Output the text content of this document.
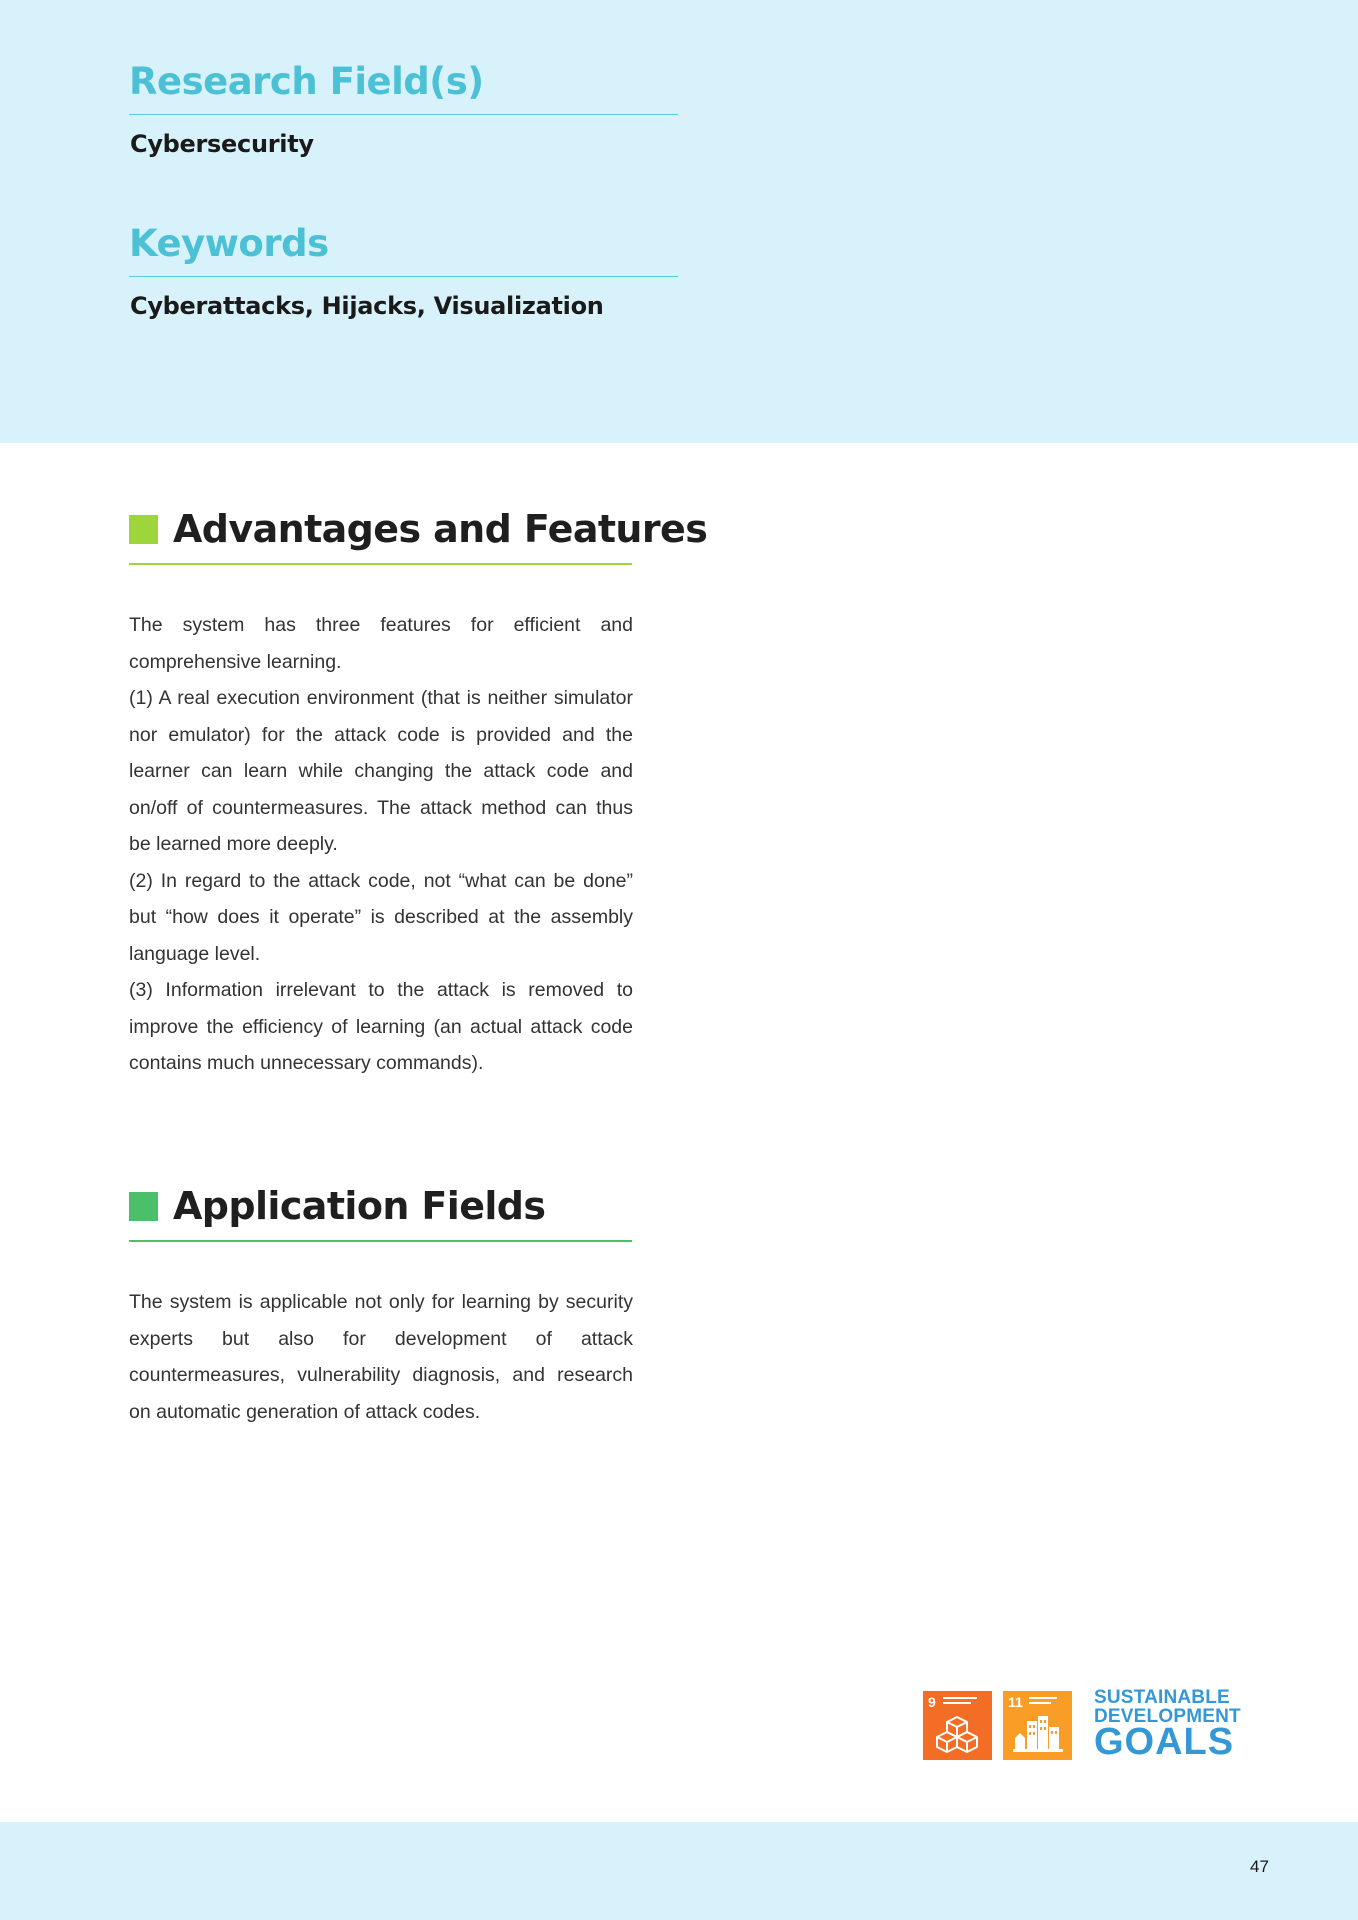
Research Field(s)

Cybersecurity

Keywords

Cyberattacks, Hijacks, Visualization

Advantages and Features

The system has three features for efficient and comprehensive learning.

(1) A real execution environment (that is neither simulator nor emulator) for the attack code is provided and the learner can learn while changing the attack code and on/off of countermeasures. The attack method can thus be learned more deeply.

(2) In regard to the attack code, not “what can be done” but “how does it operate” is described at the assembly language level.

(3) Information irrelevant to the attack is removed to improve the efficiency of learning (an actual attack code contains much unnecessary commands).

Application Fields

The system is applicable not only for learning by security experts but also for development of attack countermeasures, vulnerability diagnosis, and research on automatic generation of attack codes.

9	11	SUSTAINABLE

DEVELOPMENT

GOALS

47
